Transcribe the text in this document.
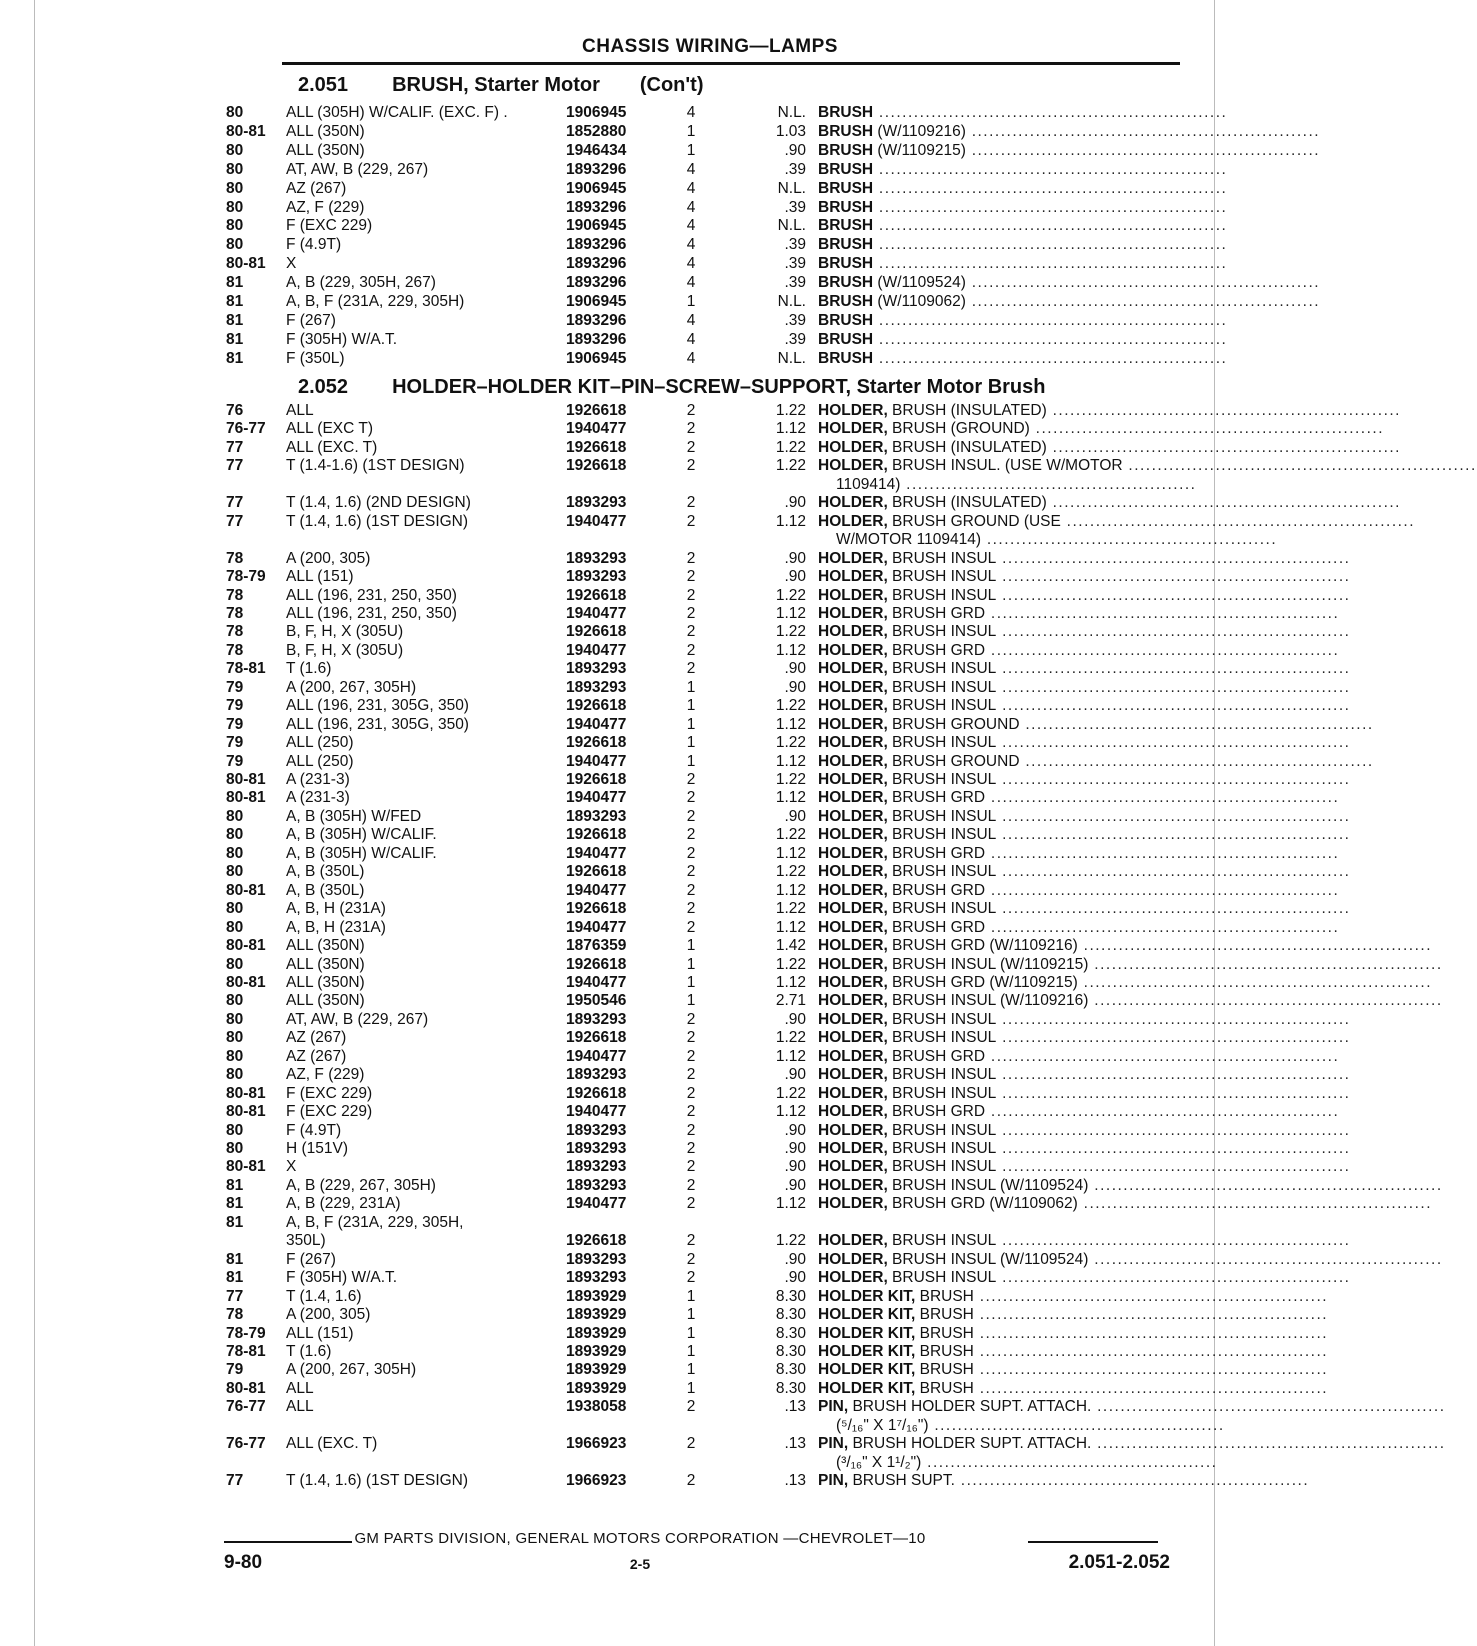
CHASSIS WIRING—LAMPS
2.051 BRUSH, Starter Motor (Con't)
80	ALL (305H) W/CALIF. (EXC. F) .	1906945	4	N.L. BRUSH ............................................................
80-81 ALL (350N)	1852880	1	1.03 BRUSH (W/1109216) ............................................................
80	ALL (350N)	1946434	1	.90 BRUSH (W/1109215) ............................................................
80	AT, AW, B (229, 267)	1893296	4	.39 BRUSH ............................................................
80	AZ (267)	1906945	4	N.L. BRUSH ............................................................
80	AZ, F (229)	1893296	4	.39 BRUSH ............................................................
80	F (EXC 229)	1906945	4	N.L. BRUSH ............................................................
80	F (4.9T)	1893296	4	.39 BRUSH ............................................................
80-81 X	1893296	4	.39 BRUSH ............................................................
81	A, B (229, 305H, 267)	1893296	4	.39 BRUSH (W/1109524) ............................................................
81	A, B, F (231A, 229, 305H)	1906945	1	N.L. BRUSH (W/1109062) ............................................................
81	F (267)	1893296	4	.39 BRUSH ............................................................
81	F (305H) W/A.T.	1893296	4	.39 BRUSH ............................................................
81	F (350L)	1906945	4	N.L. BRUSH ............................................................
2.052 HOLDER–HOLDER KIT–PIN–SCREW–SUPPORT, Starter Motor Brush
76	ALL	1926618	2	1.22 HOLDER, BRUSH (INSULATED) ............................................................
76-77 ALL (EXC T)	1940477	2	1.12 HOLDER, BRUSH (GROUND) ............................................................
77	ALL (EXC. T)	1926618	2	1.22 HOLDER, BRUSH (INSULATED) ............................................................
77	T (1.4-1.6) (1ST DESIGN)	1926618	2	1.22 HOLDER, BRUSH INSUL. (USE W/MOTOR ............................................................
1109414) ..................................................
77	T (1.4, 1.6) (2ND DESIGN)	1893293	2	.90 HOLDER, BRUSH (INSULATED) ............................................................
77	T (1.4, 1.6) (1ST DESIGN)	1940477	2	1.12 HOLDER, BRUSH GROUND (USE ............................................................
W/MOTOR 1109414) ..................................................
78	A (200, 305)	1893293	2	.90 HOLDER, BRUSH INSUL ............................................................
78-79 ALL (151)	1893293	2	.90 HOLDER, BRUSH INSUL ............................................................
78	ALL (196, 231, 250, 350)	1926618	2	1.22 HOLDER, BRUSH INSUL ............................................................
78	ALL (196, 231, 250, 350)	1940477	2	1.12 HOLDER, BRUSH GRD ............................................................
78	B, F, H, X (305U)	1926618	2	1.22 HOLDER, BRUSH INSUL ............................................................
78	B, F, H, X (305U)	1940477	2	1.12 HOLDER, BRUSH GRD ............................................................
78-81 T (1.6)	1893293	2	.90 HOLDER, BRUSH INSUL ............................................................
79	A (200, 267, 305H)	1893293	1	.90 HOLDER, BRUSH INSUL ............................................................
79	ALL (196, 231, 305G, 350)	1926618	1	1.22 HOLDER, BRUSH INSUL ............................................................
79	ALL (196, 231, 305G, 350)	1940477	1	1.12 HOLDER, BRUSH GROUND ............................................................
79	ALL (250)	1926618	1	1.22 HOLDER, BRUSH INSUL ............................................................
79	ALL (250)	1940477	1	1.12 HOLDER, BRUSH GROUND ............................................................
80-81 A (231-3)	1926618	2	1.22 HOLDER, BRUSH INSUL ............................................................
80-81 A (231-3)	1940477	2	1.12 HOLDER, BRUSH GRD ............................................................
80	A, B (305H) W/FED	1893293	2	.90 HOLDER, BRUSH INSUL ............................................................
80	A, B (305H) W/CALIF.	1926618	2	1.22 HOLDER, BRUSH INSUL ............................................................
80	A, B (305H) W/CALIF.	1940477	2	1.12 HOLDER, BRUSH GRD ............................................................
80	A, B (350L)	1926618	2	1.22 HOLDER, BRUSH INSUL ............................................................
80-81 A, B (350L)	1940477	2	1.12 HOLDER, BRUSH GRD ............................................................
80	A, B, H (231A)	1926618	2	1.22 HOLDER, BRUSH INSUL ............................................................
80	A, B, H (231A)	1940477	2	1.12 HOLDER, BRUSH GRD ............................................................
80-81 ALL (350N)	1876359	1	1.42 HOLDER, BRUSH GRD (W/1109216) ............................................................
80	ALL (350N)	1926618	1	1.22 HOLDER, BRUSH INSUL (W/1109215) ............................................................
80-81 ALL (350N)	1940477	1	1.12 HOLDER, BRUSH GRD (W/1109215) ............................................................
80	ALL (350N)	1950546	1	2.71 HOLDER, BRUSH INSUL (W/1109216) ............................................................
80	AT, AW, B (229, 267)	1893293	2	.90 HOLDER, BRUSH INSUL ............................................................
80	AZ (267)	1926618	2	1.22 HOLDER, BRUSH INSUL ............................................................
80	AZ (267)	1940477	2	1.12 HOLDER, BRUSH GRD ............................................................
80	AZ, F (229)	1893293	2	.90 HOLDER, BRUSH INSUL ............................................................
80-81 F (EXC 229)	1926618	2	1.22 HOLDER, BRUSH INSUL ............................................................
80-81 F (EXC 229)	1940477	2	1.12 HOLDER, BRUSH GRD ............................................................
80	F (4.9T)	1893293	2	.90 HOLDER, BRUSH INSUL ............................................................
80	H (151V)	1893293	2	.90 HOLDER, BRUSH INSUL ............................................................
80-81 X	1893293	2	.90 HOLDER, BRUSH INSUL ............................................................
81	A, B (229, 267, 305H)	1893293	2	.90 HOLDER, BRUSH INSUL (W/1109524) ............................................................
81	A, B (229, 231A)	1940477	2	1.12 HOLDER, BRUSH GRD (W/1109062) ............................................................
81	A, B, F (231A, 229, 305H,
350L)	1926618	2	1.22 HOLDER, BRUSH INSUL ............................................................
81	F (267)	1893293	2	.90 HOLDER, BRUSH INSUL (W/1109524) ............................................................
81	F (305H) W/A.T.	1893293	2	.90 HOLDER, BRUSH INSUL ............................................................
77	T (1.4, 1.6)	1893929	1	8.30 HOLDER KIT, BRUSH ............................................................
78	A (200, 305)	1893929	1	8.30 HOLDER KIT, BRUSH ............................................................
78-79 ALL (151)	1893929	1	8.30 HOLDER KIT, BRUSH ............................................................
78-81 T (1.6)	1893929	1	8.30 HOLDER KIT, BRUSH ............................................................
79	A (200, 267, 305H)	1893929	1	8.30 HOLDER KIT, BRUSH ............................................................
80-81 ALL	1893929	1	8.30 HOLDER KIT, BRUSH ............................................................
76-77 ALL	1938058	2	.13 PIN, BRUSH HOLDER SUPT. ATTACH. ............................................................
(⁵/₁₆" X 1⁷/₁₆") ..................................................
76-77 ALL (EXC. T)	1966923	2	.13 PIN, BRUSH HOLDER SUPT. ATTACH. ............................................................
(³/₁₆" X 1¹/₂") ..................................................
77	T (1.4, 1.6) (1ST DESIGN)	1966923	2	.13 PIN, BRUSH SUPT. ............................................................
GM PARTS DIVISION, GENERAL MOTORS CORPORATION —CHEVROLET—10
9-80	2-5	2.051-2.052
